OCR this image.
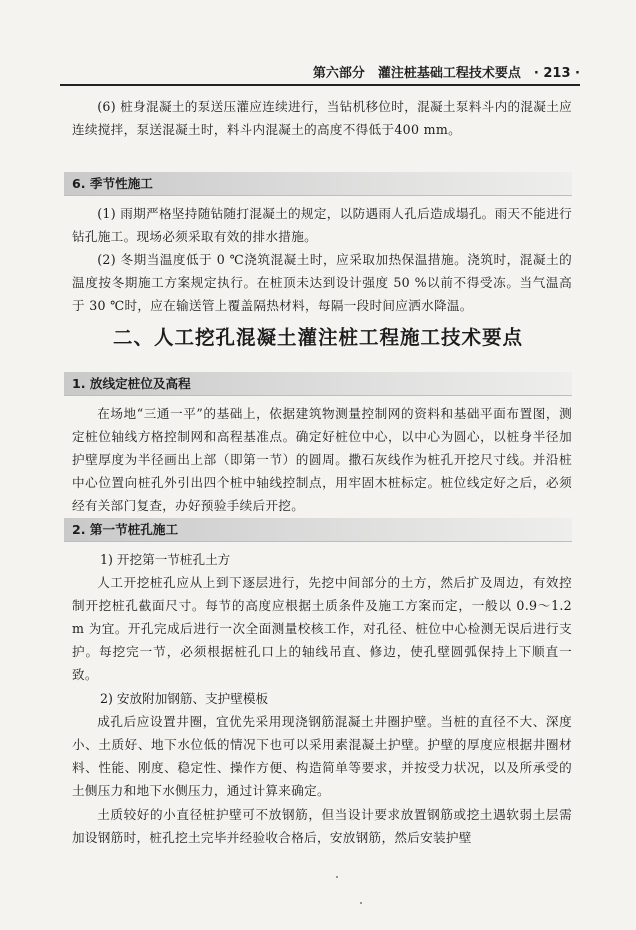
第六部分　灌注桩基础工程技术要点　· 213 ·
(6) 桩身混凝土的泵送压灌应连续进行，当钻机移位时，混凝土泵料斗内的混凝土应连续搅拌，泵送混凝土时，料斗内混凝土的高度不得低于400 mm。
6. 季节性施工
(1) 雨期严格坚持随钻随打混凝土的规定，以防遇雨人孔后造成塌孔。雨天不能进行钻孔施工。现场必须采取有效的排水措施。
(2) 冬期当温度低于 0 ℃浇筑混凝土时，应采取加热保温措施。浇筑时，混凝土的温度按冬期施工方案规定执行。在桩顶未达到设计强度 50 %以前不得受冻。当气温高于 30 ℃时，应在输送管上覆盖隔热材料，每隔一段时间应洒水降温。
二、人工挖孔混凝土灌注桩工程施工技术要点
1. 放线定桩位及高程
在场地“三通一平”的基础上，依据建筑物测量控制网的资料和基础平面布置图，测定桩位轴线方格控制网和高程基准点。确定好桩位中心，以中心为圆心，以桩身半径加护壁厚度为半径画出上部（即第一节）的圆周。撒石灰线作为桩孔开挖尺寸线。并沿桩中心位置向桩孔外引出四个桩中轴线控制点，用牢固木桩标定。桩位线定好之后，必须经有关部门复查，办好预验手续后开挖。
2. 第一节桩孔施工
1) 开挖第一节桩孔土方
人工开挖桩孔应从上到下逐层进行，先挖中间部分的土方，然后扩及周边，有效控制开挖桩孔截面尺寸。每节的高度应根据土质条件及施工方案而定，一般以 0.9～1.2 m 为宜。开孔完成后进行一次全面测量校核工作，对孔径、桩位中心检测无误后进行支护。每挖完一节，必须根据桩孔口上的轴线吊直、修边，使孔壁圆弧保持上下顺直一致。
2) 安放附加钢筋、支护壁模板
成孔后应设置井圈，宜优先采用现浇钢筋混凝土井圈护壁。当桩的直径不大、深度小、土质好、地下水位低的情况下也可以采用素混凝土护壁。护壁的厚度应根据井圈材料、性能、刚度、稳定性、操作方便、构造简单等要求，并按受力状况，以及所承受的土侧压力和地下水侧压力，通过计算来确定。
土质较好的小直径桩护壁可不放钢筋，但当设计要求放置钢筋或挖土遇软弱土层需加设钢筋时，桩孔挖土完毕并经验收合格后，安放钢筋，然后安装护壁
